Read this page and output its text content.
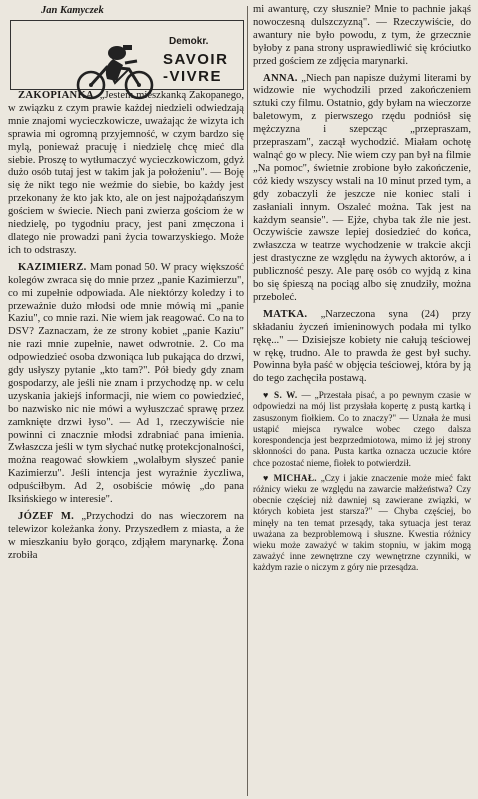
Jan Kamyczek
Demokr.
SAVOIR
-VIVRE

ZAKOPIANKA. „Jestem mieszkanką Zakopanego, w związku z czym prawie każdej niedzieli odwiedzają mnie znajomi wycieczkowicze, uważając że wizyta ich sprawia mi ogromną przyjemność, w czym bardzo się mylą, ponieważ pracuję i niedzielę chcę mieć dla siebie. Proszę to wytłumaczyć wycieczkowiczom, gdyż dużo osób tutaj jest w takim jak ja położeniu". — Boję się że nikt tego nie weźmie do siebie, bo każdy jest przekonany że kto jak kto, ale on jest najpożądańszym gościem w świecie. Niech pani zwierza gościom że w niedzielę, po tygodniu pracy, jest pani zmęczona i dlatego nie prowadzi pani życia towarzyskiego. Może ich to odstraszy.

KAZIMIERZ. Mam ponad 50. W pracy większość kolegów zwraca się do mnie przez „panie Kazimierzu", co mi zupełnie odpowiada. Ale niektórzy koledzy i to przeważnie dużo młodsi ode mnie mówią mi „panie Kaziu", co mnie razi. Nie wiem jak reagować. Co na to DSV? Zaznaczam, że ze strony kobiet „panie Kaziu" nie razi mnie zupełnie, nawet odwrotnie. 2. Co ma odpowiedzieć osoba dzwoniąca lub pukająca do drzwi, gdy usłyszy pytanie „kto tam?". Pół biedy gdy znam gospodarzy, ale jeśli nie znam i przychodzę np. w celu uzyskania jakiejś informacji, nie wiem co powiedzieć, bo nazwisko nic nie mówi a wyłuszczać sprawę przez zamknięte drzwi łyso". — Ad 1, rzeczywiście nie powinni ci znacznie młodsi zdrabniać pana imienia. Zwłaszcza jeśli w tym słychać nutkę protekcjonalności, można reagować słowkiem „wolałbym słyszeć panie Kazimierzu". Jeśli intencja jest wyraźnie życzliwa, odpuściłbym. Ad 2, osobiście mówię „do pana Iksińskiego w interesie".

JÓZEF M. „Przychodzi do nas wieczorem na telewizor koleżanka żony. Przyszedłem z miasta, a że w mieszkaniu było gorąco, zdjąłem marynarkę. Żona zrobiła

mi awanturę, czy słusznie? Mnie to pachnie jakąś nowoczesną dulszczyzną". — Rzeczywiście, do awantury nie było powodu, z tym, że grzecznie byłoby z pana strony usprawiedliwić się króciutko przed gościem ze zdjęcia marynarki.

ANNA. „Niech pan napisze dużymi literami by widzowie nie wychodzili przed zakończeniem sztuki czy filmu. Ostatnio, gdy byłam na wieczorze baletowym, z pierwszego rzędu podniósł się mężczyzna i szepcząc „przepraszam, przepraszam", zaczął wychodzić. Miałam ochotę walnąć go w plecy. Nie wiem czy pan był na filmie „Na pomoc", świetnie zrobione było zakończenie, cóż kiedy wszyscy wstali na 10 minut przed tym, a gdy zobaczyli że jeszcze nie koniec stali i zasłaniali innym. Oszaleć można. Tak jest na każdym seansie". — Ejże, chyba tak źle nie jest. Oczywiście zawsze lepiej dosiedzieć do końca, zwłaszcza w teatrze wychodzenie w trakcie akcji jest drastyczne ze względu na żywych aktorów, a i publiczność peszy. Ale parę osób co wyjdą z kina bo się śpieszą na pociąg albo się znudziły, można przeboleć.

MATKA. „Narzeczona syna (24) przy składaniu życzeń imieninowych podała mi tylko rękę..." — Dzisiejsze kobiety nie całują teściowej w rękę, trudno. Ale to prawda że gest był suchy. Powinna była paść w objęcia teściowej, która by ją do tego zachęciła postawą.

♥ S. W. — „Przestała pisać, a po pewnym czasie w odpowiedzi na mój list przysłała kopertę z pustą kartką i zasuszonym fiołkiem. Co to znaczy?" — Uznała że musi ustąpić miejsca rywalce wobec czego dalsza korespondencja jest bezprzedmiotowa, mimo iż jej strony skłonności do pana. Pusta kartka oznacza uczucie które chce pozostać nieme, fiołek to potwierdził.

♥ MICHAŁ. „Czy i jakie znaczenie może mieć fakt różnicy wieku ze względu na zawarcie małżeństwa? Czy obecnie częściej niż dawniej są zawierane związki, w których kobieta jest starsza?" — Chyba częściej, bo minęły na ten temat przesądy, taka sytuacja jest teraz uważana za bezproblemową i słuszne. Kwestia różnicy wieku może zaważyć w takim stopniu, w jakim mogą zaważyć inne zewnętrzne czy wewnętrzne czynniki, w każdym razie o niczym z góry nie przesądza.
